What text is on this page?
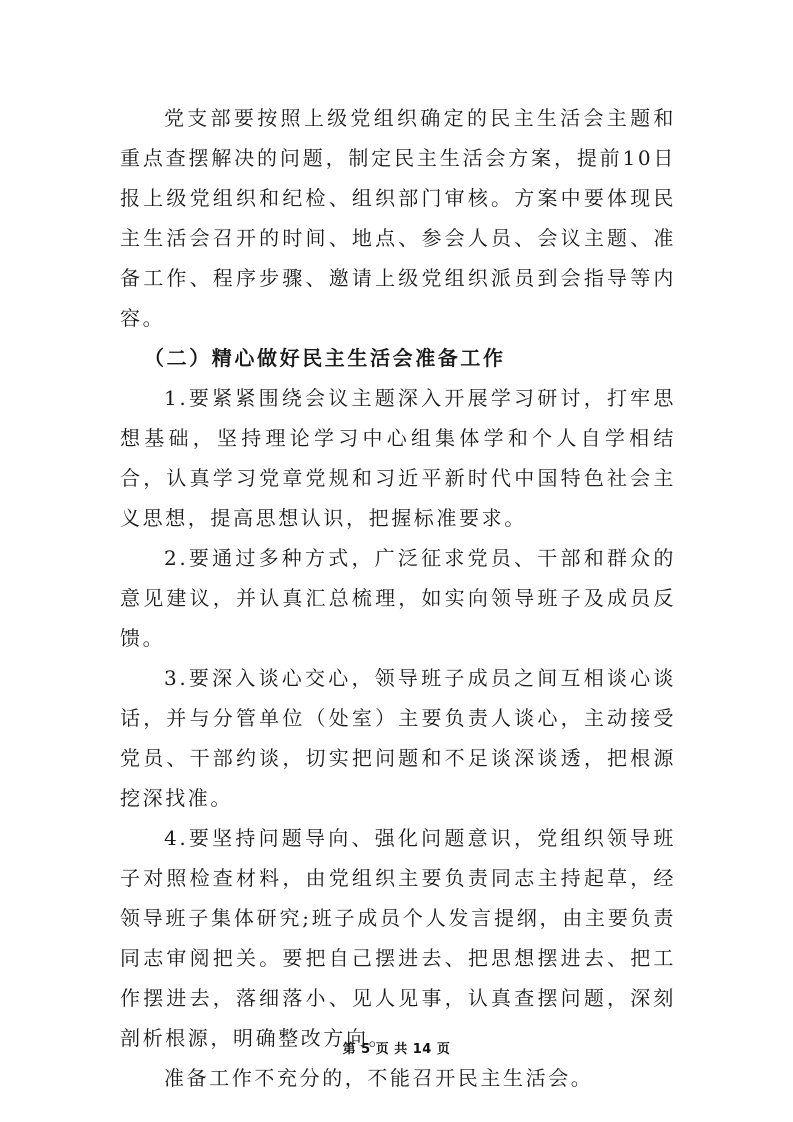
党支部要按照上级党组织确定的民主生活会主题和重点查摆解决的问题，制定民主生活会方案，提前10日报上级党组织和纪检、组织部门审核。方案中要体现民主生活会召开的时间、地点、参会人员、会议主题、准备工作、程序步骤、邀请上级党组织派员到会指导等内容。

（二）精心做好民主生活会准备工作

1.要紧紧围绕会议主题深入开展学习研讨，打牢思想基础，坚持理论学习中心组集体学和个人自学相结合，认真学习党章党规和习近平新时代中国特色社会主义思想，提高思想认识，把握标准要求。

2.要通过多种方式，广泛征求党员、干部和群众的意见建议，并认真汇总梳理，如实向领导班子及成员反馈。

3.要深入谈心交心，领导班子成员之间互相谈心谈话，并与分管单位（处室）主要负责人谈心，主动接受党员、干部约谈，切实把问题和不足谈深谈透，把根源挖深找准。

4.要坚持问题导向、强化问题意识，党组织领导班子对照检查材料，由党组织主要负责同志主持起草，经领导班子集体研究;班子成员个人发言提纲，由主要负责同志审阅把关。要把自己摆进去、把思想摆进去、把工作摆进去，落细落小、见人见事，认真查摆问题，深刻剖析根源，明确整改方向。

准备工作不充分的，不能召开民主生活会。

第 5 页 共 14 页
